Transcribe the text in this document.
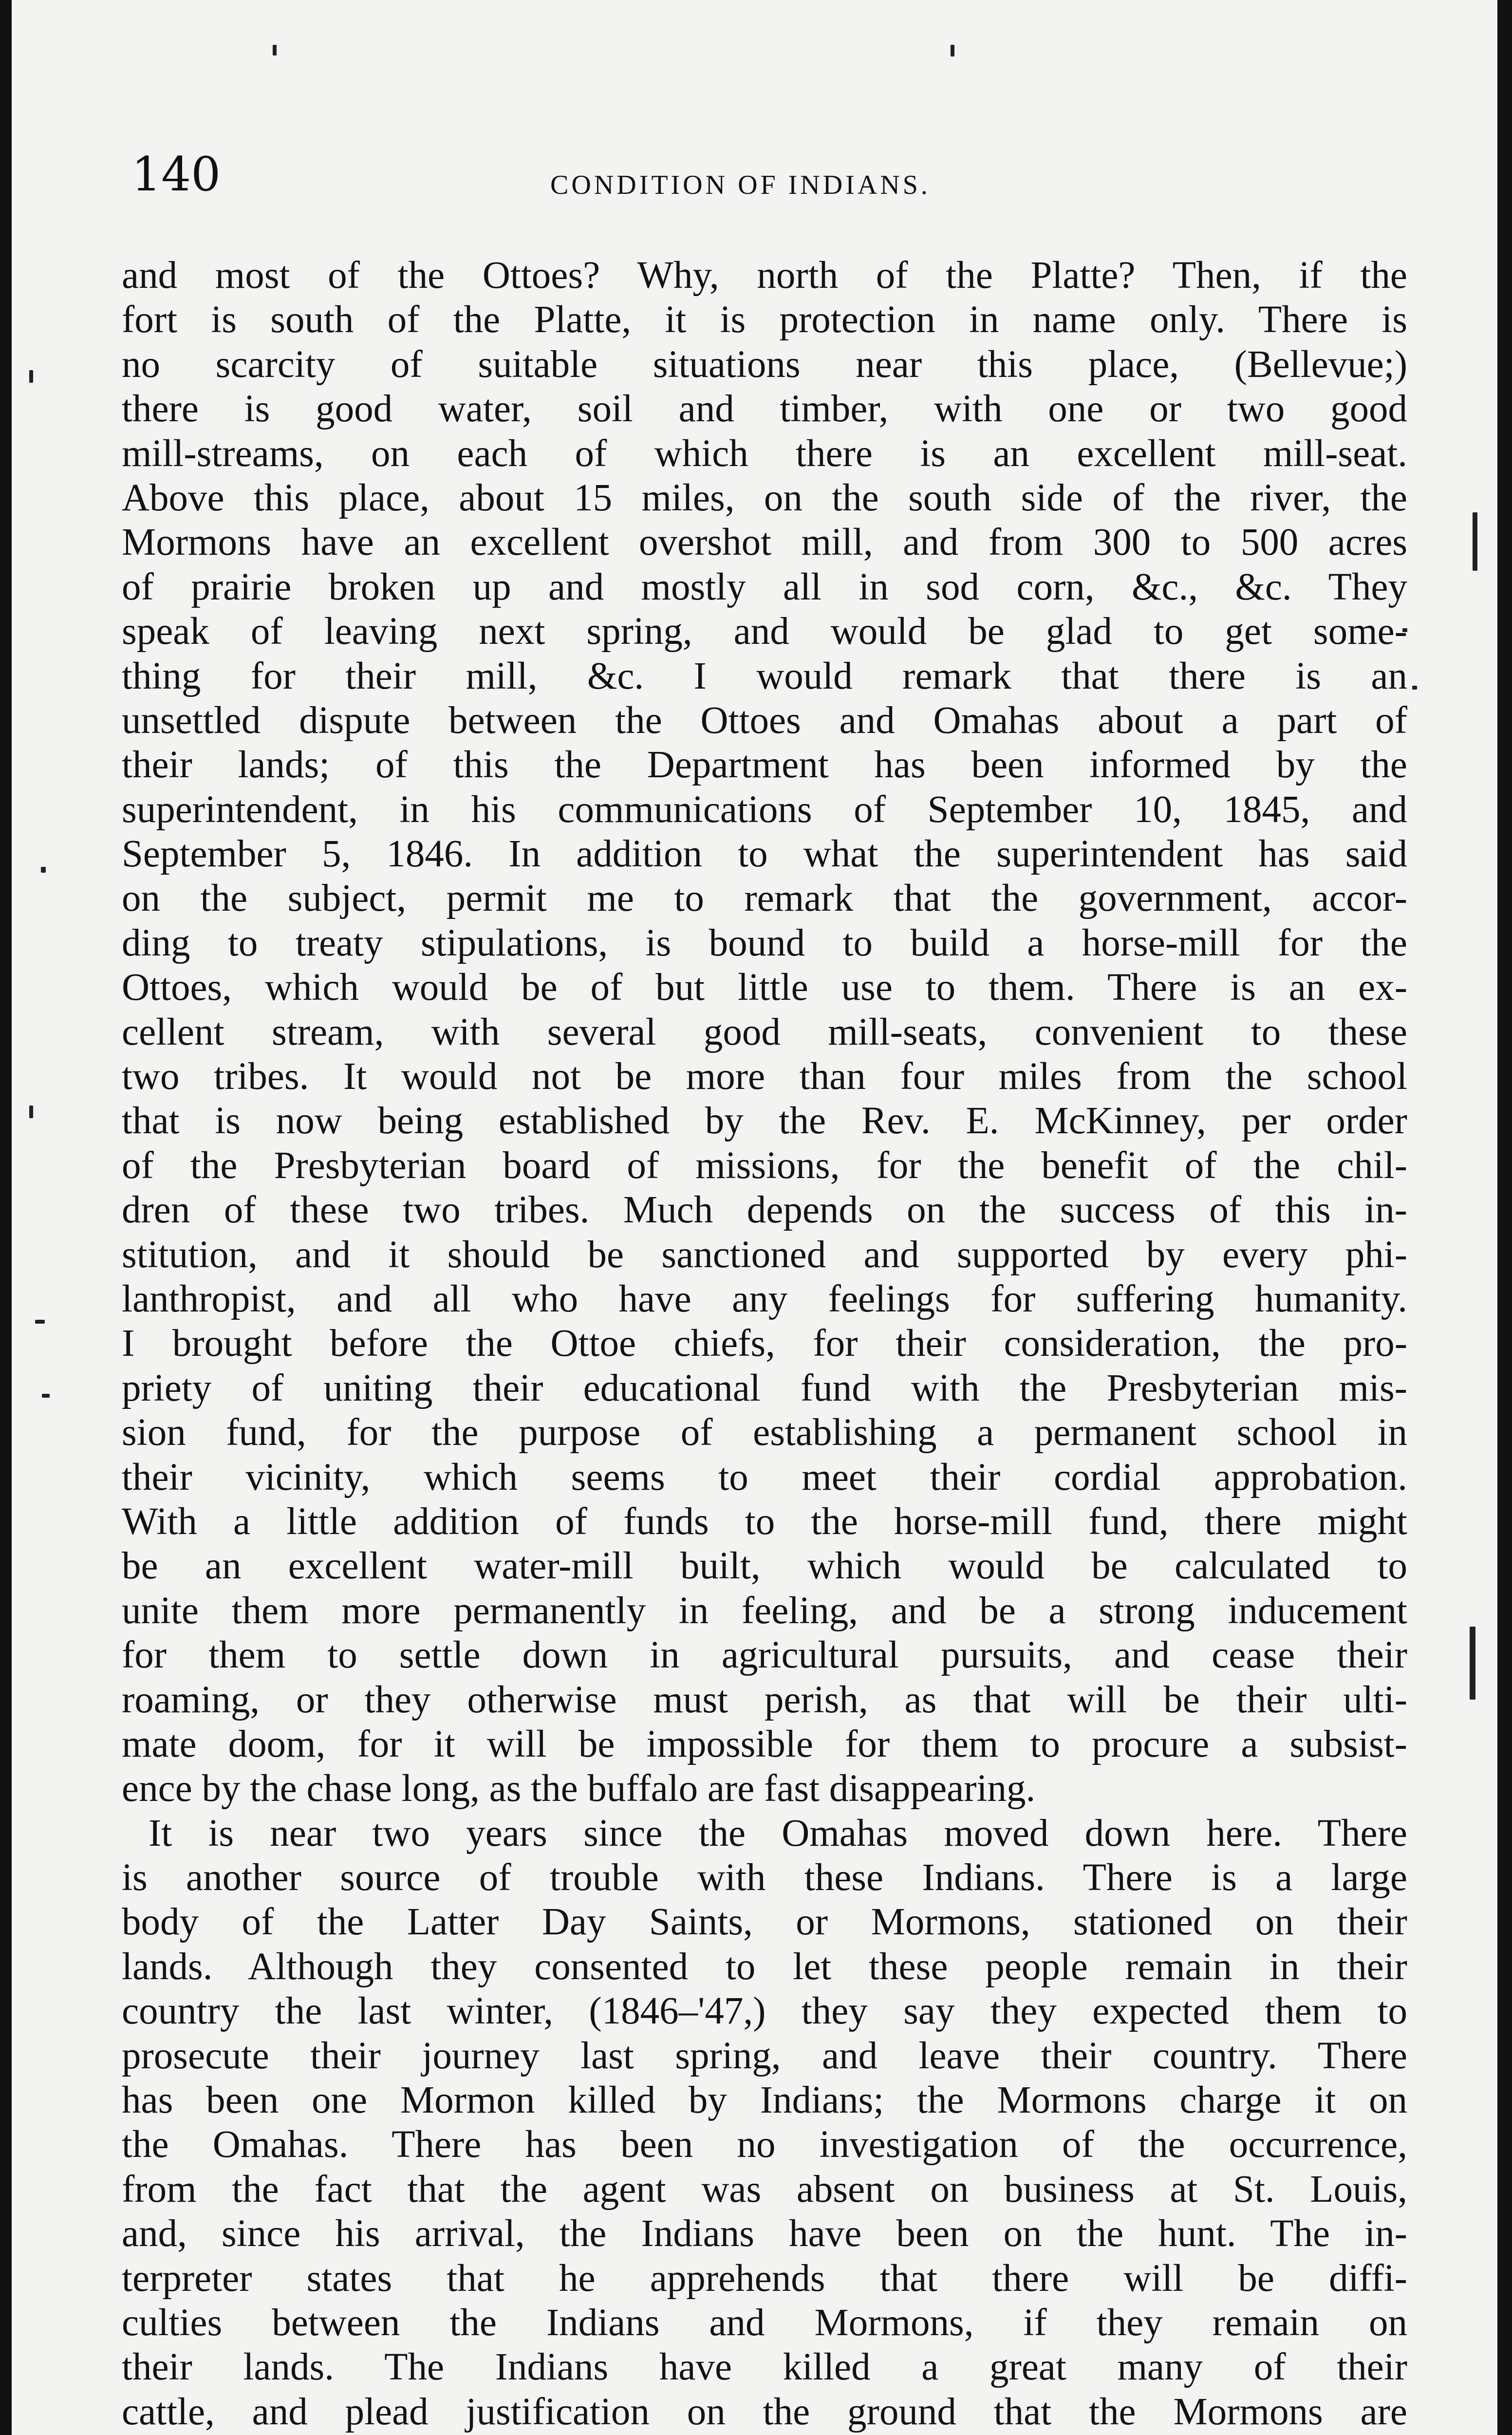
140	CONDITION OF INDIANS.
and most of the Ottoes? Why, north of the Platte? Then, if the
fort is south of the Platte, it is protection in name only. There is
no scarcity of suitable situations near this place, (Bellevue;)
there is good water, soil and timber, with one or two good
mill-streams, on each of which there is an excellent mill-seat.
Above this place, about 15 miles, on the south side of the river, the
Mormons have an excellent overshot mill, and from 300 to 500 acres
of prairie broken up and mostly all in sod corn, &c., &c. They
speak of leaving next spring, and would be glad to get some-
thing for their mill, &c. I would remark that there is an
unsettled dispute between the Ottoes and Omahas about a part of
their lands; of this the Department has been informed by the
superintendent, in his communications of September 10, 1845, and
September 5, 1846. In addition to what the superintendent has said
on the subject, permit me to remark that the government, accor-
ding to treaty stipulations, is bound to build a horse-mill for the
Ottoes, which would be of but little use to them. There is an ex-
cellent stream, with several good mill-seats, convenient to these
two tribes. It would not be more than four miles from the school
that is now being established by the Rev. E. McKinney, per order
of the Presbyterian board of missions, for the benefit of the chil-
dren of these two tribes. Much depends on the success of this in-
stitution, and it should be sanctioned and supported by every phi-
lanthropist, and all who have any feelings for suffering humanity.
I brought before the Ottoe chiefs, for their consideration, the pro-
priety of uniting their educational fund with the Presbyterian mis-
sion fund, for the purpose of establishing a permanent school in
their vicinity, which seems to meet their cordial approbation.
With a little addition of funds to the horse-mill fund, there might
be an excellent water-mill built, which would be calculated to
unite them more permanently in feeling, and be a strong inducement
for them to settle down in agricultural pursuits, and cease their
roaming, or they otherwise must perish, as that will be their ulti-
mate doom, for it will be impossible for them to procure a subsist-
ence by the chase long, as the buffalo are fast disappearing.
It is near two years since the Omahas moved down here. There
is another source of trouble with these Indians. There is a large
body of the Latter Day Saints, or Mormons, stationed on their
lands. Although they consented to let these people remain in their
country the last winter, (1846–'47,) they say they expected them to
prosecute their journey last spring, and leave their country. There
has been one Mormon killed by Indians; the Mormons charge it on
the Omahas. There has been no investigation of the occurrence,
from the fact that the agent was absent on business at St. Louis,
and, since his arrival, the Indians have been on the hunt. The in-
terpreter states that he apprehends that there will be diffi-
culties between the Indians and Mormons, if they remain on
their lands. The Indians have killed a great many of their
cattle, and plead justification on the ground that the Mormons are
